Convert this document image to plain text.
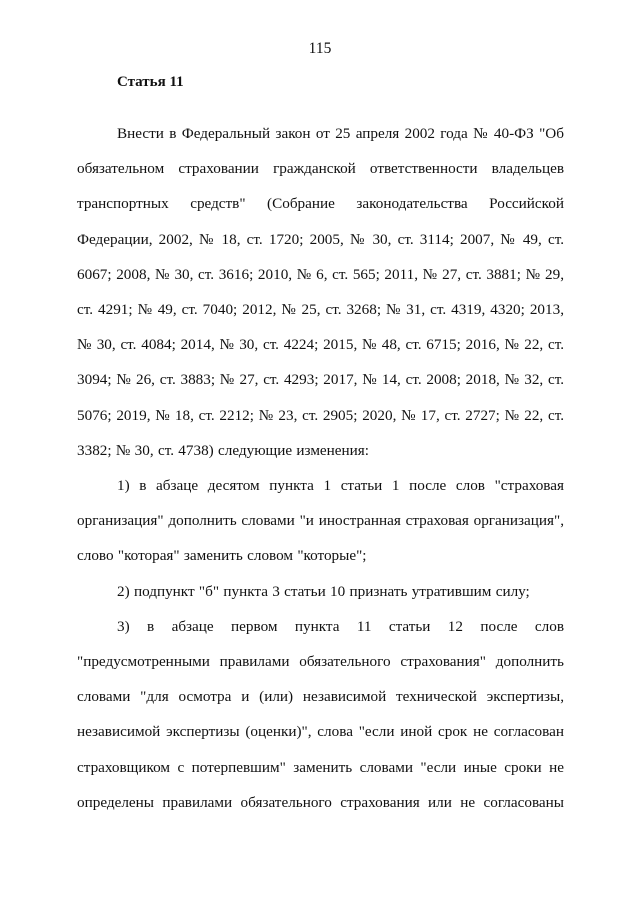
115
Статья 11

Внести в Федеральный закон от 25 апреля 2002 года № 40-ФЗ "Об обязательном страховании гражданской ответственности владельцев транспортных средств" (Собрание законодательства Российской Федерации, 2002, № 18, ст. 1720; 2005, № 30, ст. 3114; 2007, № 49, ст. 6067; 2008, № 30, ст. 3616; 2010, № 6, ст. 565; 2011, № 27, ст. 3881; № 29, ст. 4291; № 49, ст. 7040; 2012, № 25, ст. 3268; № 31, ст. 4319, 4320; 2013, № 30, ст. 4084; 2014, № 30, ст. 4224; 2015, № 48, ст. 6715; 2016, № 22, ст. 3094; № 26, ст. 3883; № 27, ст. 4293; 2017, № 14, ст. 2008; 2018, № 32, ст. 5076; 2019, № 18, ст. 2212; № 23, ст. 2905; 2020, № 17, ст. 2727; № 22, ст. 3382; № 30, ст. 4738) следующие изменения:

1) в абзаце десятом пункта 1 статьи 1 после слов "страховая организация" дополнить словами "и иностранная страховая организация", слово "которая" заменить словом "которые";

2) подпункт "б" пункта 3 статьи 10 признать утратившим силу;

3) в абзаце первом пункта 11 статьи 12 после слов "предусмотренными правилами обязательного страхования" дополнить словами "для осмотра и (или) независимой технической экспертизы, независимой экспертизы (оценки)", слова "если иной срок не согласован страховщиком с потерпевшим" заменить словами "если иные сроки не определены правилами обязательного страхования или не согласованы
